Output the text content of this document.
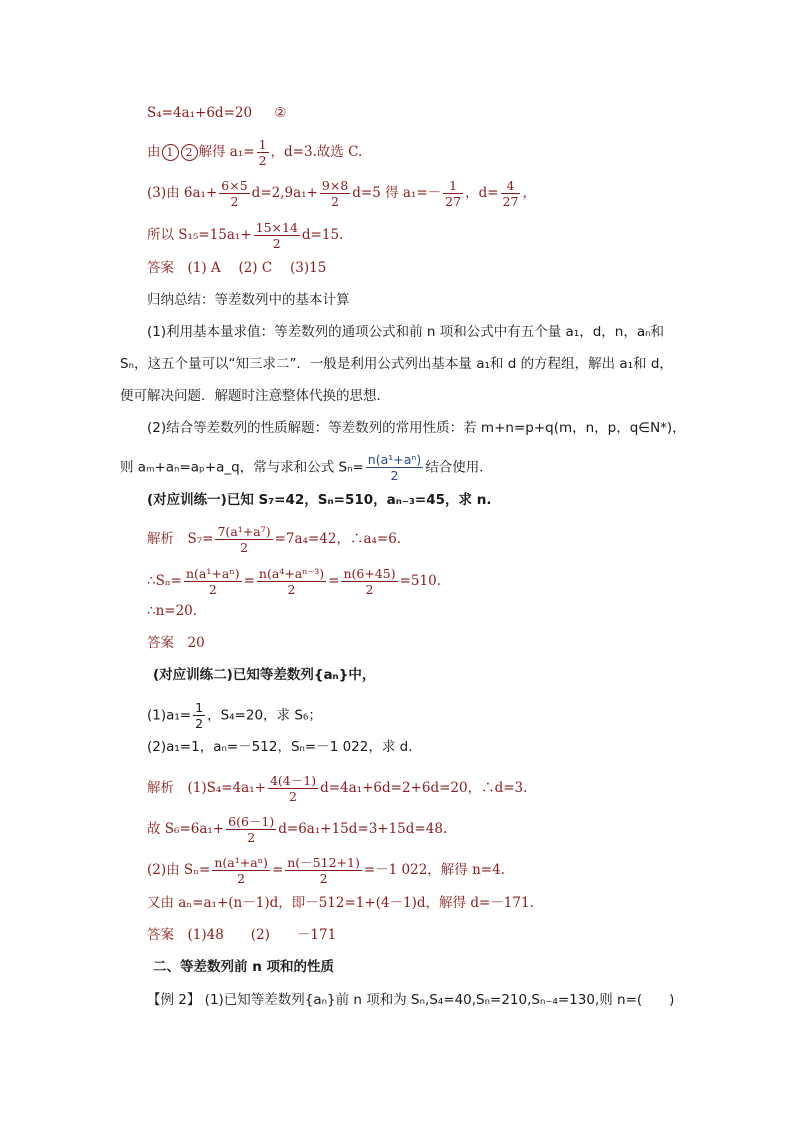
S₄=4a₁+6d=20 ②
由 1 2 解得 $a_1= \frac{1}{2}$ ，d=3.故选 C.
(3)由 $6a_1+ \frac{6\times 5}{2} d=2,9a_1+ \frac{9\times 8}{2} d=5$ 得 $a_1=- \frac{1}{27}$ ，$d= \frac{4}{27}$ ，
所以 $S_{15}=15a_1+ \frac{15\times 14}{2} d=15$.
答案　(1) A　 (2) C　 (3)15
归纳总结：等差数列中的基本计算
(1)利用基本量求值：等差数列的通项公式和前 n 项和公式中有五个量 a₁，d，n，aₙ和
Sₙ，这五个量可以“知三求二”．一般是利用公式列出基本量 a₁和 d 的方程组，解出 a₁和 d，
便可解决问题．解题时注意整体代换的思想．
(2)结合等差数列的性质解题：等差数列的常用性质：若 m+n=p+q(m，n，p，q∈N*)，
则 aₘ+aₙ=aₚ+a_q，常与求和公式 $S_n= \frac{\text{n(a¹+aⁿ)}}{2}$ 结合使用．
(对应训练一)已知 S₇=42，Sₙ=510，aₙ₋₃=45，求 n.
解析　$S_7= \frac{\text{7(a¹+a⁷)}}{2} =7a_4=42$，∴a₄=6.
∴Sₙ= $\frac{\text{n(a¹+aⁿ)}}{2} = \frac{\text{n(a⁴+aⁿ⁻³)}}{2} = \frac{n(6+45)}{2} =510$.
∴n=20.
答案　20
(对应训练二)已知等差数列{aₙ}中，
$(1)a_1= \frac{1}{2}$ ，S₄=20，求 S₆；
(2)a₁=1，aₙ=－512，Sₙ=－1 022，求 d.
解析　$(1)S_4=4a_1+ \frac{4(4-1)}{2} d=4a_1+6d=2+6d=20$，∴d=3.
故 $S_6=6a_1+ \frac{6(6-1)}{2} d=6a_1+15d=3+15d=48$.
(2)由 $S_n= \frac{\text{n(a¹+aⁿ)}}{2} = \frac{n(-512+1)}{2} =-1$ 022，解得 n=4.
又由 aₙ=a₁+(n－1)d，即－512=1+(4－1)d，解得 d=－171.
答案　(1)48　　(2)　　－171
二、等差数列前 n 项和的性质
【例 2】 (1)已知等差数列{aₙ}前 n 项和为 Sₙ,S₄=40,Sₙ=210,Sₙ₋₄=130,则 n=(　　)
